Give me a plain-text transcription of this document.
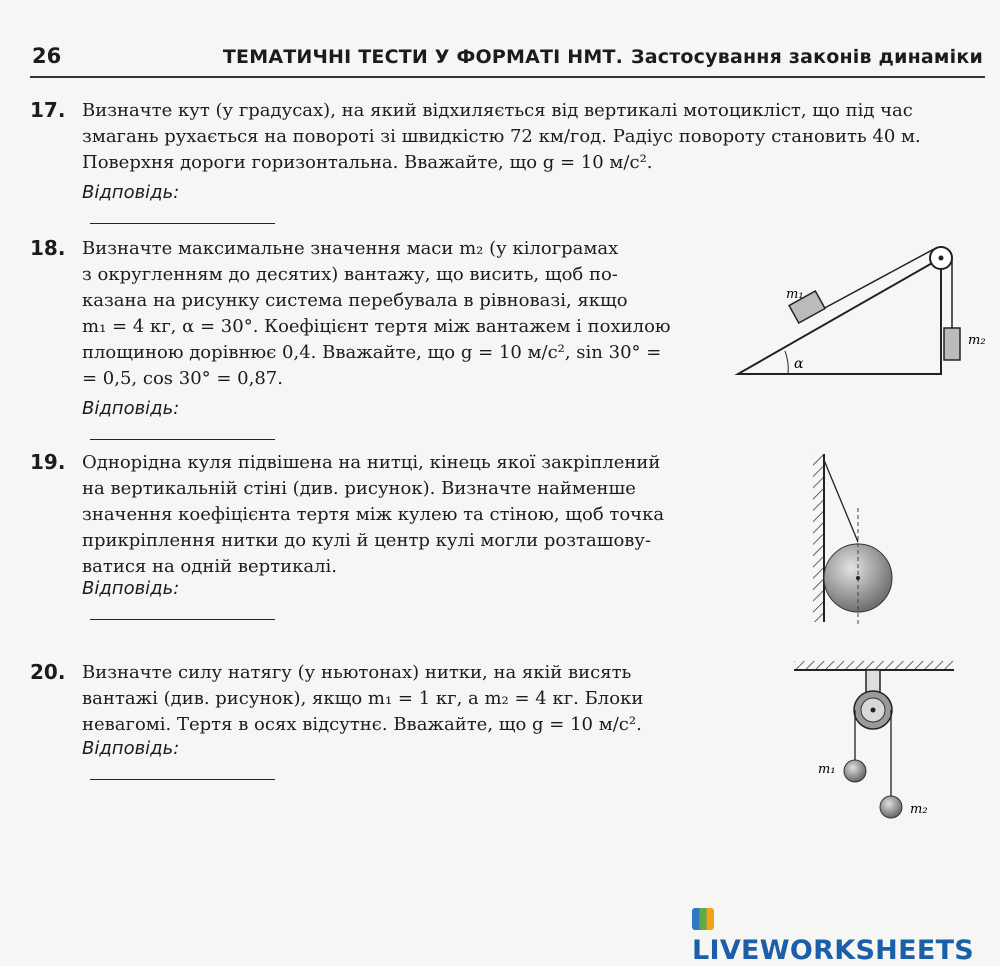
26	ТЕМАТИЧНІ ТЕСТИ У ФОРМАТІ НМТ. Застосування законів динаміки
17. Визначте кут (у градусах), на який відхиляється від вертикалі мотоцикліст, що під час
змагань рухається на повороті зі швидкістю 72 км/год. Радіус повороту становить 40 м.
Поверхня дороги горизонтальна. Вважайте, що g = 10 м/с².
Відповідь:
18. Визначте максимальне значення маси m₂ (у кілограмах
з округленням до десятих) вантажу, що висить, щоб по-
казана на рисунку система перебувала в рівновазі, якщо
m₁ = 4 кг, α = 30°. Коефіцієнт тертя між вантажем і похилою
площиною дорівнює 0,4. Вважайте, що g = 10 м/с², sin 30° =
= 0,5, cos 30° = 0,87.
Відповідь:
α
m₁
m₂
19. Однорідна куля підвішена на нитці, кінець якої закріплений
на вертикальній стіні (див. рисунок). Визначте найменше
значення коефіцієнта тертя між кулею та стіною, щоб точка
прикріплення нитки до кулі й центр кулі могли розташову-
ватися на одній вертикалі.
Відповідь:
20. Визначте силу натягу (у ньютонах) нитки, на якій висять
вантажі (див. рисунок), якщо m₁ = 1 кг, а m₂ = 4 кг. Блоки
невагомі. Тертя в осях відсутнє. Вважайте, що g = 10 м/с².
Відповідь:
m₁
m₂
LIVEWORKSHEETS
